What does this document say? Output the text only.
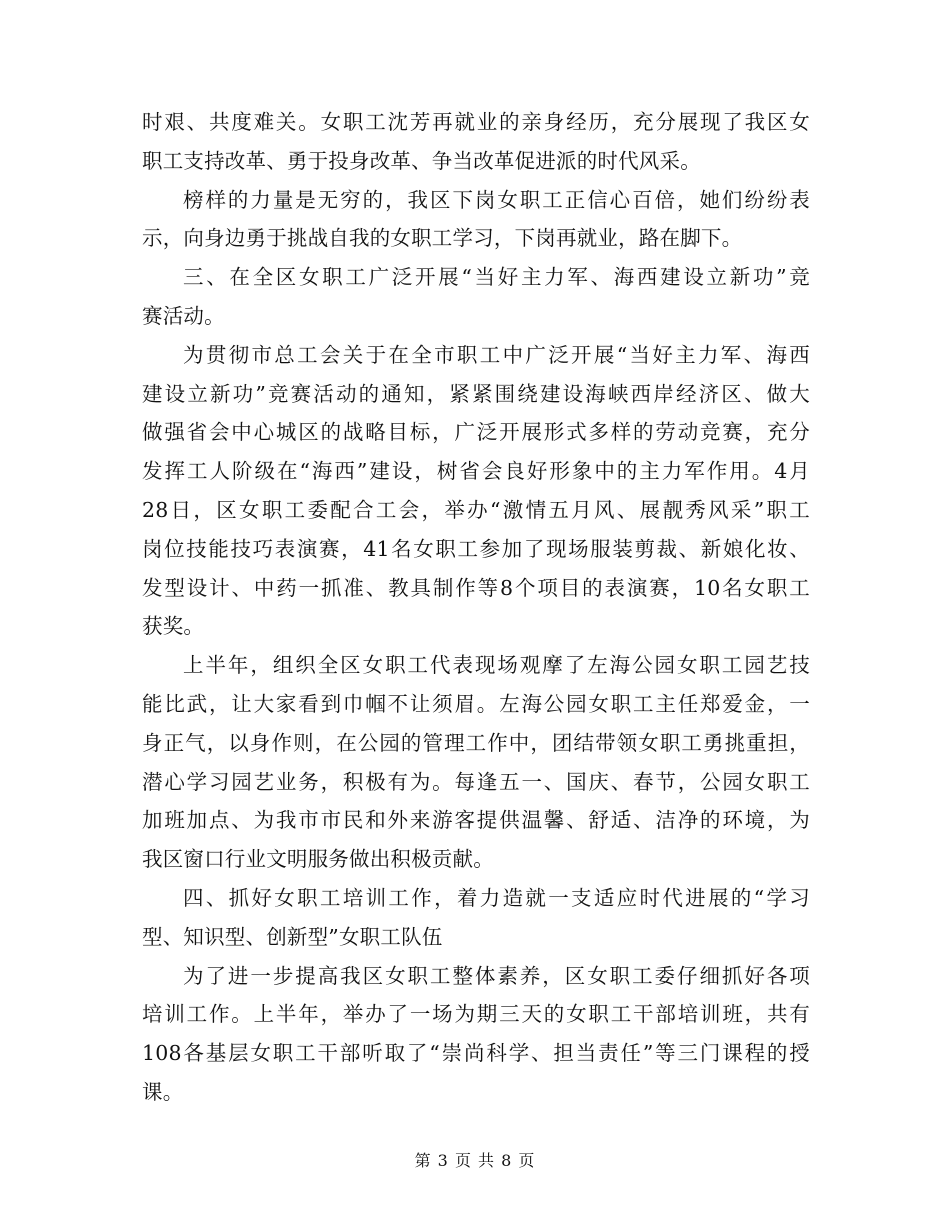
时艰、共度难关。女职工沈芳再就业的亲身经历，充分展现了我区女
职工支持改革、勇于投身改革、争当改革促进派的时代风采。
榜样的力量是无穷的，我区下岗女职工正信心百倍，她们纷纷表
示，向身边勇于挑战自我的女职工学习，下岗再就业，路在脚下。
三、在全区女职工广泛开展“当好主力军、海西建设立新功”竞
赛活动。
为贯彻市总工会关于在全市职工中广泛开展“当好主力军、海西
建设立新功”竞赛活动的通知，紧紧围绕建设海峡西岸经济区、做大
做强省会中心城区的战略目标，广泛开展形式多样的劳动竞赛，充分
发挥工人阶级在“海西”建设，树省会良好形象中的主力军作用。4月
28日，区女职工委配合工会，举办“激情五月风、展靓秀风采”职工
岗位技能技巧表演赛，41名女职工参加了现场服装剪裁、新娘化妆、
发型设计、中药一抓准、教具制作等8个项目的表演赛，10名女职工
获奖。
上半年，组织全区女职工代表现场观摩了左海公园女职工园艺技
能比武，让大家看到巾帼不让须眉。左海公园女职工主任郑爱金，一
身正气，以身作则，在公园的管理工作中，团结带领女职工勇挑重担，
潜心学习园艺业务，积极有为。每逢五一、国庆、春节，公园女职工
加班加点、为我市市民和外来游客提供温馨、舒适、洁净的环境，为
我区窗口行业文明服务做出积极贡献。
四、抓好女职工培训工作，着力造就一支适应时代进展的“学习
型、知识型、创新型”女职工队伍
为了进一步提高我区女职工整体素养，区女职工委仔细抓好各项
培训工作。上半年，举办了一场为期三天的女职工干部培训班，共有
108各基层女职工干部听取了“崇尚科学、担当责任”等三门课程的授
课。
第 3 页 共 8 页
